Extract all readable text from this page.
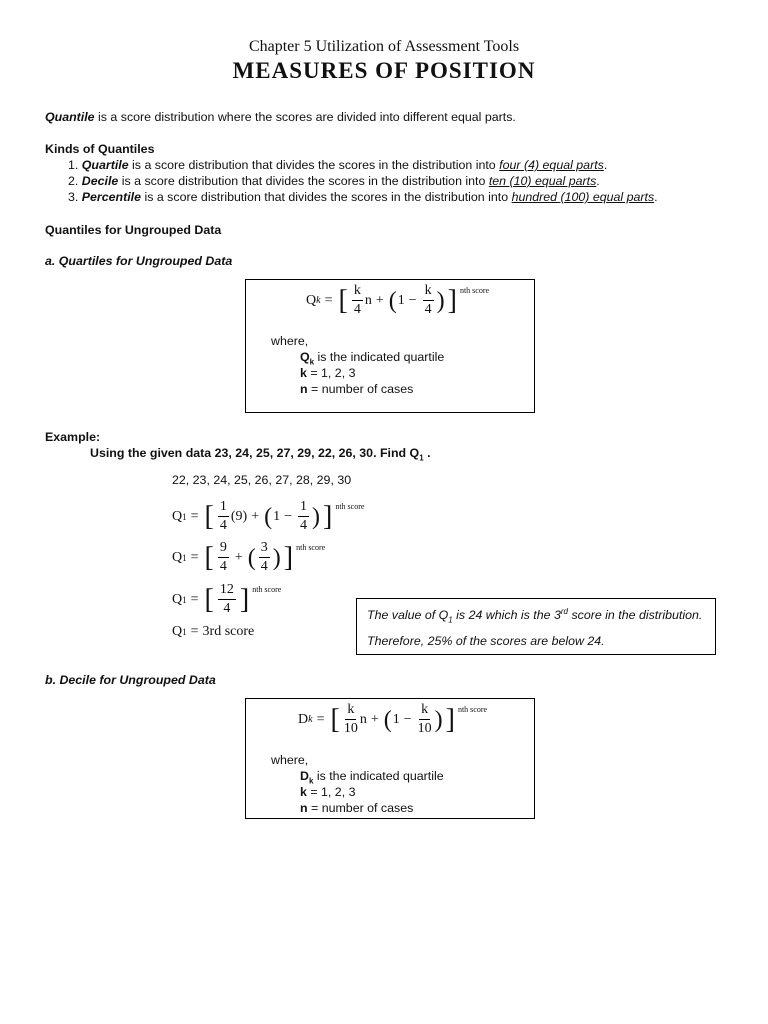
Chapter 5 Utilization of Assessment Tools
MEASURES OF POSITION
Quantile is a score distribution where the scores are divided into different equal parts.
Kinds of Quantiles
1. Quartile is a score distribution that divides the scores in the distribution into four (4) equal parts.
2. Decile is a score distribution that divides the scores in the distribution into ten (10) equal parts.
3. Percentile is a score distribution that divides the scores in the distribution into hundred (100) equal parts.
Quantiles for Ungrouped Data
a. Quartiles for Ungrouped Data
Q k = [ $\frac{k}{4}$ n + ( $1 - \frac{k}{4}$ ) ] nth score
where,
$Q_k$ is the indicated quartile
k = 1, 2, 3
n = number of cases
Example:
Using the given data 23, 24, 25, 27, 29, 22, 26, 30. Find $Q_1$ .
22, 23, 24, 25, 26, 27, 28, 29, 30
Q 1 = [ $\frac{1}{4} (9)$ + ( $1 - \frac{1}{4}$ ) ] nth score
Q 1 = [ $\frac{9}{4}$ + ( $\frac{3}{4}$ ) ] nth score
Q 1 = [ $\frac{12}{4}$ ] nth score
Q 1 = 3rd score
The value of $Q_1$ is 24 which is the 3rd score in the distribution. Therefore, 25% of the scores are below 24.
b. Decile for Ungrouped Data
D k = [ $\frac{k}{10}$ n + ( $1 - \frac{k}{10}$ ) ] nth score
where,
$D_k$ is the indicated quartile
k = 1, 2, 3
n = number of cases
